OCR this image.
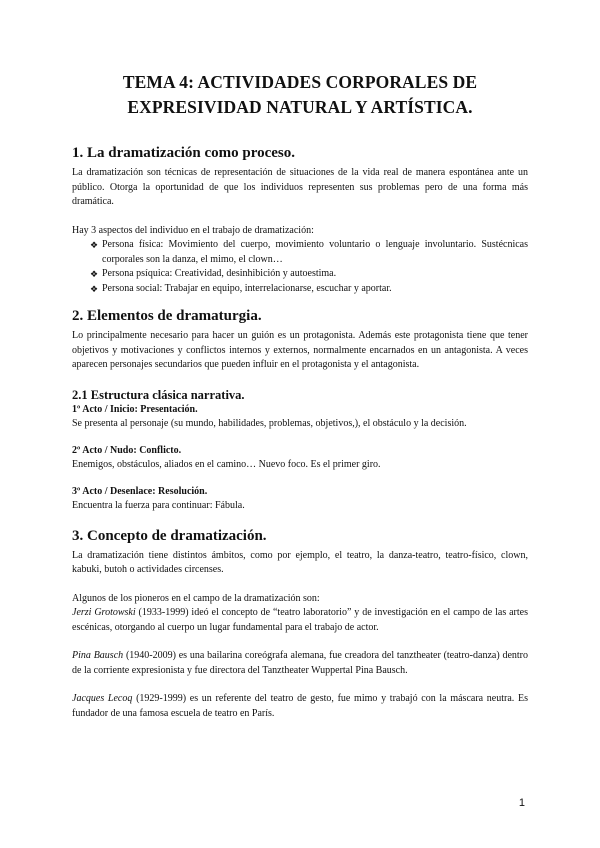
TEMA 4: ACTIVIDADES CORPORALES DE
EXPRESIVIDAD NATURAL Y ARTÍSTICA.
1. La dramatización como proceso.

La dramatización son técnicas de representación de situaciones de la vida real de manera espontánea ante un público. Otorga la oportunidad de que los individuos representen sus problemas pero de una forma más dramática.

Hay 3 aspectos del individuo en el trabajo de dramatización:

❖ Persona física: Movimiento del cuerpo, movimiento voluntario o lenguaje involuntario. Sustécnicas corporales son la danza, el mimo, el clown…
❖ Persona psíquica: Creatividad, desinhibición y autoestima.
❖ Persona social: Trabajar en equipo, interrelacionarse, escuchar y aportar.
2. Elementos de dramaturgia.

Lo principalmente necesario para hacer un guión es un protagonista. Además este protagonista tiene que tener objetivos y motivaciones y conflictos internos y externos, normalmente encarnados en un antagonista. A veces aparecen personajes secundarios que pueden influir en el protagonista y el antagonista.

2.1 Estructura clásica narrativa.
1º Acto / Inicio: Presentación.

Se presenta al personaje (su mundo, habilidades, problemas, objetivos,), el obstáculo y la decisión.

2º Acto / Nudo: Conflicto.

Enemigos, obstáculos, aliados en el camino… Nuevo foco. Es el primer giro.

3º Acto / Desenlace: Resolución.

Encuentra la fuerza para continuar: Fábula.

3. Concepto de dramatización.

La dramatización tiene distintos ámbitos, como por ejemplo, el teatro, la danza-teatro, teatro-físico, clown, kabuki, butoh o actividades circenses.

Algunos de los pioneros en el campo de la dramatización son:

Jerzi Grotowski (1933-1999) ideó el concepto de “teatro laboratorio” y de investigación en el campo de las artes escénicas, otorgando al cuerpo un lugar fundamental para el trabajo de actor.

Pina Bausch (1940-2009) es una bailarina coreógrafa alemana, fue creadora del tanztheater (teatro-danza) dentro de la corriente expresionista y fue directora del Tanztheater Wuppertal Pina Bausch.

Jacques Lecoq (1929-1999) es un referente del teatro de gesto, fue mimo y trabajó con la máscara neutra. Es fundador de una famosa escuela de teatro en París.

1
